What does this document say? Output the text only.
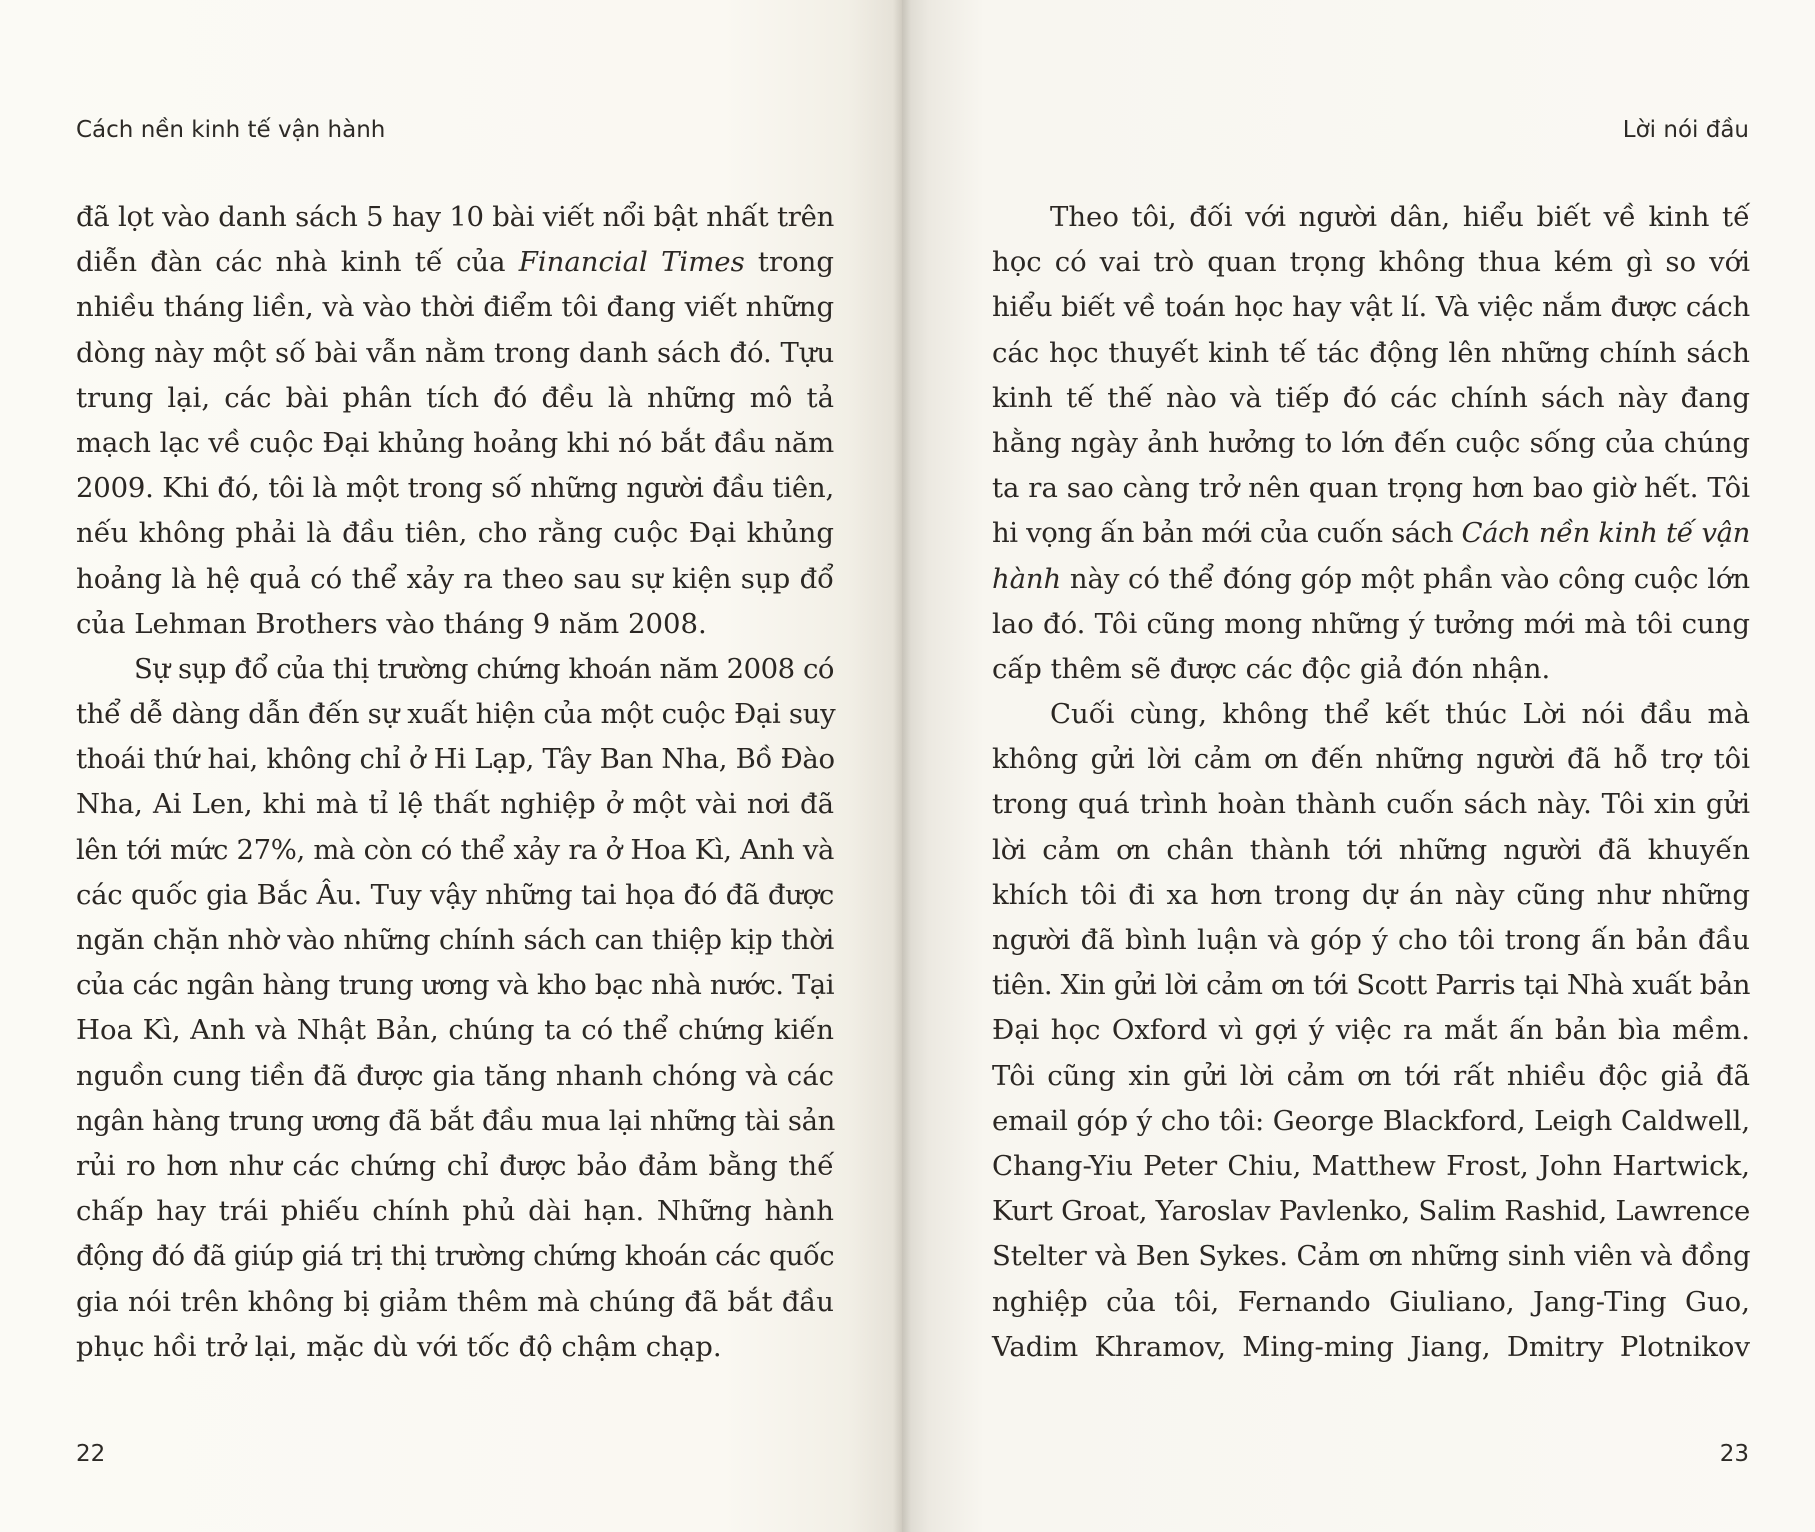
Cách nền kinh tế vận hành
đã lọt vào danh sách 5 hay 10 bài viết nổi bật nhất trên
diễn đàn các nhà kinh tế của Financial Times trong
nhiều tháng liền, và vào thời điểm tôi đang viết những
dòng này một số bài vẫn nằm trong danh sách đó. Tựu
trung lại, các bài phân tích đó đều là những mô tả
mạch lạc về cuộc Đại khủng hoảng khi nó bắt đầu năm
2009. Khi đó, tôi là một trong số những người đầu tiên,
nếu không phải là đầu tiên, cho rằng cuộc Đại khủng
hoảng là hệ quả có thể xảy ra theo sau sự kiện sụp đổ
của Lehman Brothers vào tháng 9 năm 2008.
Sự sụp đổ của thị trường chứng khoán năm 2008 có
thể dễ dàng dẫn đến sự xuất hiện của một cuộc Đại suy
thoái thứ hai, không chỉ ở Hi Lạp, Tây Ban Nha, Bồ Đào
Nha, Ai Len, khi mà tỉ lệ thất nghiệp ở một vài nơi đã
lên tới mức 27%, mà còn có thể xảy ra ở Hoa Kì, Anh và
các quốc gia Bắc Âu. Tuy vậy những tai họa đó đã được
ngăn chặn nhờ vào những chính sách can thiệp kịp thời
của các ngân hàng trung ương và kho bạc nhà nước. Tại
Hoa Kì, Anh và Nhật Bản, chúng ta có thể chứng kiến
nguồn cung tiền đã được gia tăng nhanh chóng và các
ngân hàng trung ương đã bắt đầu mua lại những tài sản
rủi ro hơn như các chứng chỉ được bảo đảm bằng thế
chấp hay trái phiếu chính phủ dài hạn. Những hành
động đó đã giúp giá trị thị trường chứng khoán các quốc
gia nói trên không bị giảm thêm mà chúng đã bắt đầu
phục hồi trở lại, mặc dù với tốc độ chậm chạp.
22
Lời nói đầu
Theo tôi, đối với người dân, hiểu biết về kinh tế
học có vai trò quan trọng không thua kém gì so với
hiểu biết về toán học hay vật lí. Và việc nắm được cách
các học thuyết kinh tế tác động lên những chính sách
kinh tế thế nào và tiếp đó các chính sách này đang
hằng ngày ảnh hưởng to lớn đến cuộc sống của chúng
ta ra sao càng trở nên quan trọng hơn bao giờ hết. Tôi
hi vọng ấn bản mới của cuốn sách Cách nền kinh tế vận
hành này có thể đóng góp một phần vào công cuộc lớn
lao đó. Tôi cũng mong những ý tưởng mới mà tôi cung
cấp thêm sẽ được các độc giả đón nhận.
Cuối cùng, không thể kết thúc Lời nói đầu mà
không gửi lời cảm ơn đến những người đã hỗ trợ tôi
trong quá trình hoàn thành cuốn sách này. Tôi xin gửi
lời cảm ơn chân thành tới những người đã khuyến
khích tôi đi xa hơn trong dự án này cũng như những
người đã bình luận và góp ý cho tôi trong ấn bản đầu
tiên. Xin gửi lời cảm ơn tới Scott Parris tại Nhà xuất bản
Đại học Oxford vì gợi ý việc ra mắt ấn bản bìa mềm.
Tôi cũng xin gửi lời cảm ơn tới rất nhiều độc giả đã
email góp ý cho tôi: George Blackford, Leigh Caldwell,
Chang-Yiu Peter Chiu, Matthew Frost, John Hartwick,
Kurt Groat, Yaroslav Pavlenko, Salim Rashid, Lawrence
Stelter và Ben Sykes. Cảm ơn những sinh viên và đồng
nghiệp của tôi, Fernando Giuliano, Jang-Ting Guo,
Vadim Khramov, Ming-ming Jiang, Dmitry Plotnikov
23
